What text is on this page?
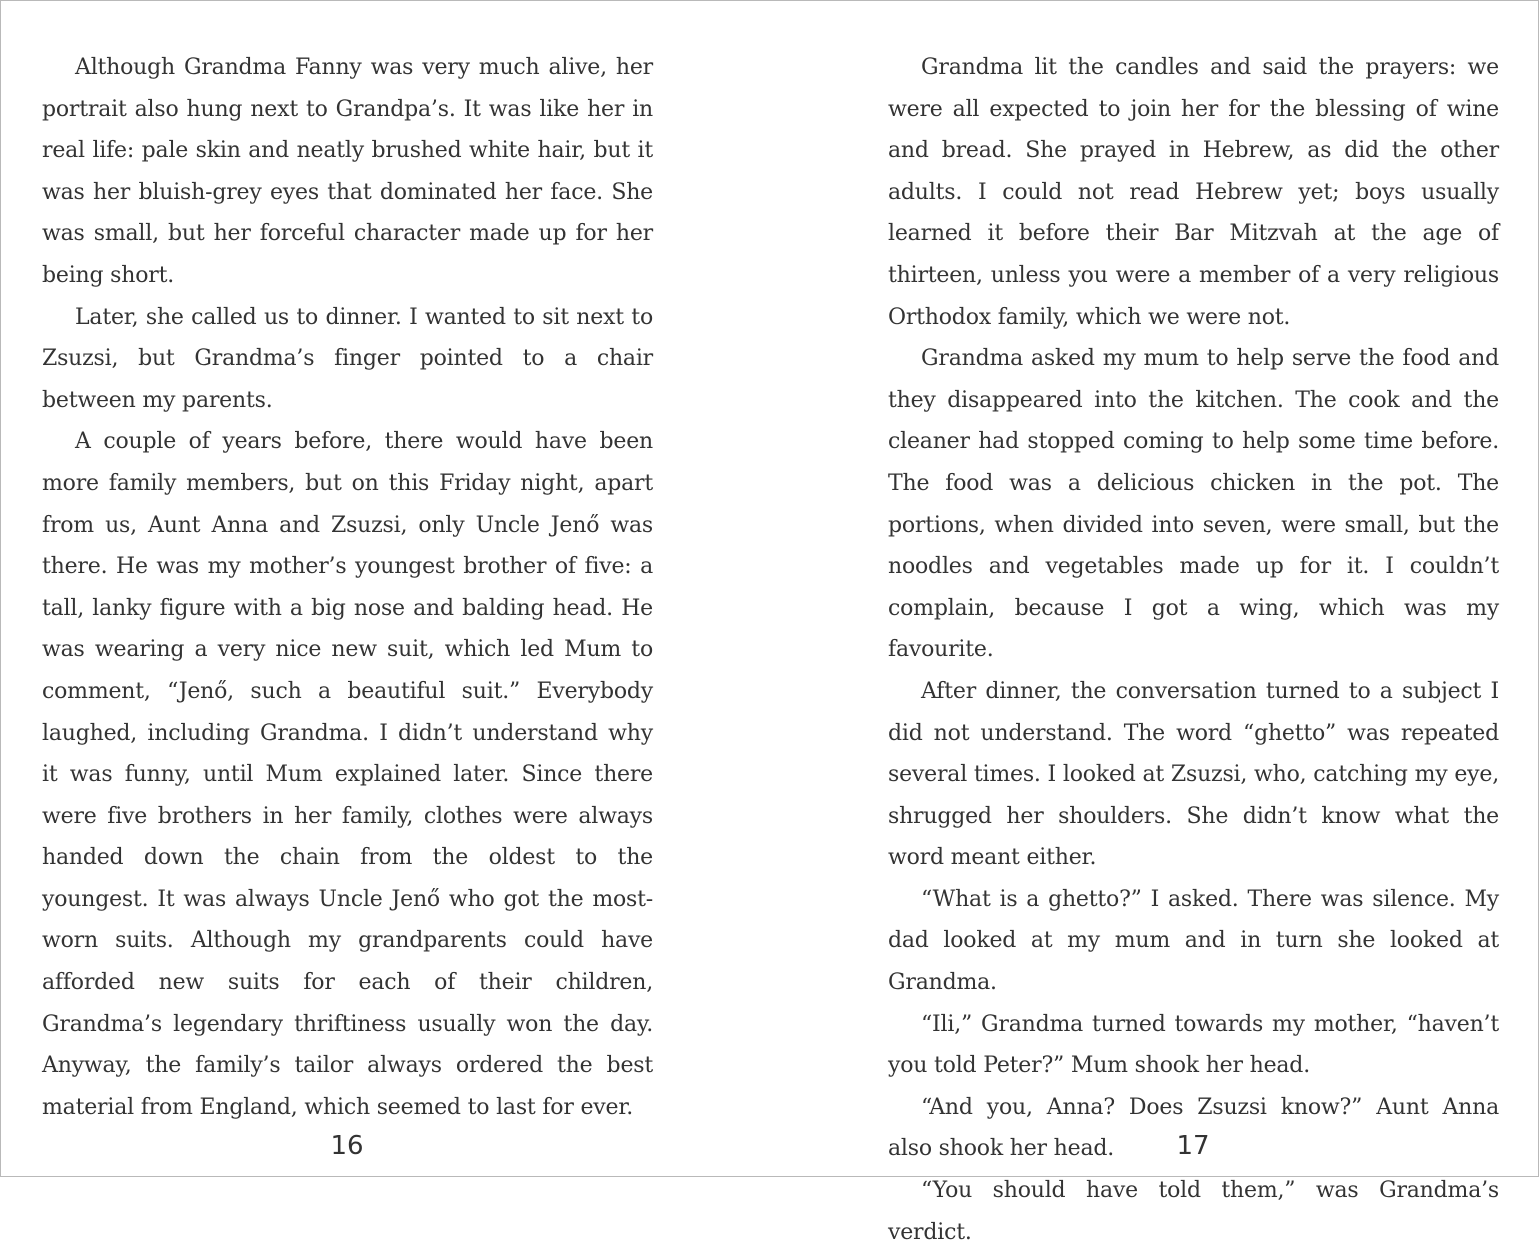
Although Grandma Fanny was very much alive, her portrait also hung next to Grandpa’s. It was like her in real life: pale skin and neatly brushed white hair, but it was her bluish-grey eyes that dominated her face. She was small, but her forceful character made up for her being short.

Later, she called us to dinner. I wanted to sit next to Zsuzsi, but Grandma’s finger pointed to a chair between my parents.

A couple of years before, there would have been more family members, but on this Friday night, apart from us, Aunt Anna and Zsuzsi, only Uncle Jenő was there. He was my mother’s youngest brother of five: a tall, lanky figure with a big nose and balding head. He was wearing a very nice new suit, which led Mum to comment, “Jenő, such a beautiful suit.” Everybody laughed, including Grandma. I didn’t understand why it was funny, until Mum explained later. Since there were five brothers in her family, clothes were always handed down the chain from the oldest to the youngest. It was always Uncle Jenő who got the most-worn suits. Although my grandparents could have afforded new suits for each of their children, Grandma’s legendary thriftiness usually won the day. Anyway, the family’s tailor always ordered the best material from England, which seemed to last for ever.

Grandma lit the candles and said the prayers: we were all expected to join her for the blessing of wine and bread. She prayed in Hebrew, as did the other adults. I could not read Hebrew yet; boys usually learned it before their Bar Mitzvah at the age of thirteen, unless you were a member of a very religious Orthodox family, which we were not.

Grandma asked my mum to help serve the food and they disappeared into the kitchen. The cook and the cleaner had stopped coming to help some time before. The food was a delicious chicken in the pot. The portions, when divided into seven, were small, but the noodles and vegetables made up for it. I couldn’t complain, because I got a wing, which was my favourite.

After dinner, the conversation turned to a subject I did not understand. The word “ghetto” was repeated several times. I looked at Zsuzsi, who, catching my eye, shrugged her shoulders. She didn’t know what the word meant either.

“What is a ghetto?” I asked. There was silence. My dad looked at my mum and in turn she looked at Grandma.

“Ili,” Grandma turned towards my mother, “haven’t you told Peter?” Mum shook her head.

“And you, Anna? Does Zsuzsi know?” Aunt Anna also shook her head.

“You should have told them,” was Grandma’s verdict.

16	17
